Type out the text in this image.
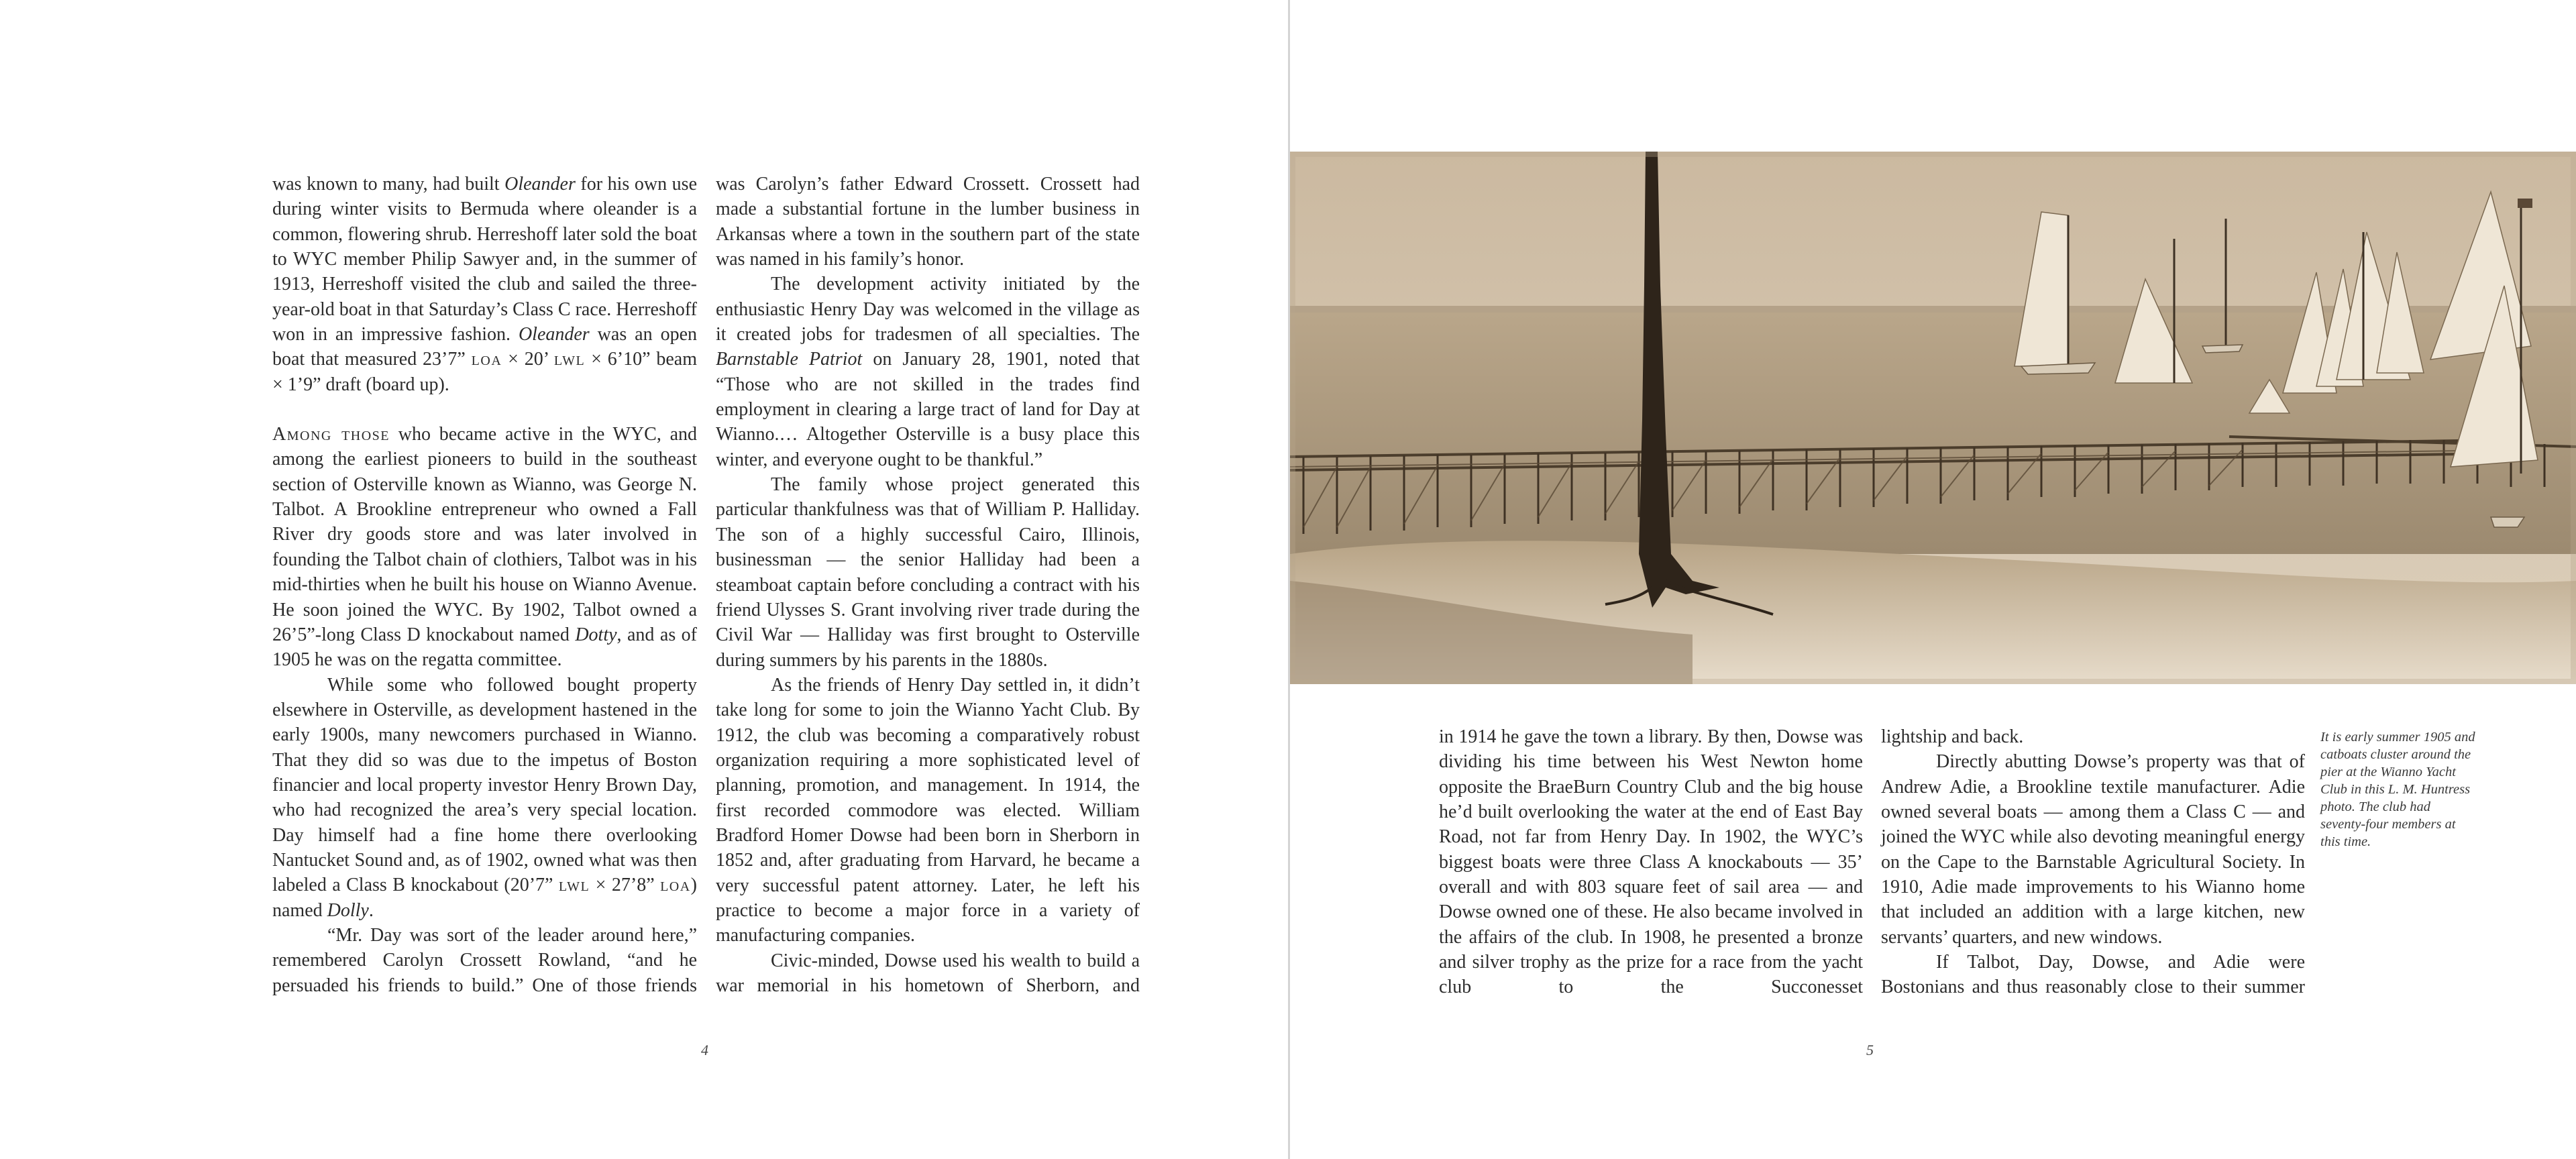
was known to many, had built Oleander for his own use during winter visits to Bermuda where oleander is a common, flowering shrub. Herreshoff later sold the boat to WYC member Philip Sawyer and, in the summer of 1913, Herreshoff visited the club and sailed the three-year-old boat in that Saturday’s Class C race. Herreshoff won in an impressive fashion. Oleander was an open boat that measured 23’7” loa × 20’ lwl × 6’10” beam × 1’9” draft (board up).

Among those who became active in the WYC, and among the earliest pioneers to build in the southeast section of Osterville known as Wianno, was George N. Talbot. A Brookline entrepreneur who owned a Fall River dry goods store and was later involved in founding the Talbot chain of clothiers, Talbot was in his mid-thirties when he built his house on Wianno Avenue. He soon joined the WYC. By 1902, Talbot owned a 26’5”-long Class D knockabout named Dotty, and as of 1905 he was on the regatta committee.

While some who followed bought property elsewhere in Osterville, as development hastened in the early 1900s, many newcomers purchased in Wianno. That they did so was due to the impetus of Boston financier and local property investor Henry Brown Day, who had recognized the area’s very special location. Day himself had a fine home there overlooking Nantucket Sound and, as of 1902, owned what was then labeled a Class B knockabout (20’7” lwl × 27’8” loa) named Dolly.

“Mr. Day was sort of the leader around here,” remembered Carolyn Crossett Rowland, “and he persuaded his friends to build.” One of those friends

was Carolyn’s father Edward Crossett. Crossett had made a substantial fortune in the lumber business in Arkansas where a town in the southern part of the state was named in his family’s honor.

The development activity initiated by the enthusiastic Henry Day was welcomed in the village as it created jobs for tradesmen of all specialties. The Barnstable Patriot on January 28, 1901, noted that “Those who are not skilled in the trades find employment in clearing a large tract of land for Day at Wianno.… Altogether Osterville is a busy place this winter, and everyone ought to be thankful.”

The family whose project generated this particular thankfulness was that of William P. Halliday. The son of a highly successful Cairo, Illinois, businessman — the senior Halliday had been a steamboat captain before concluding a contract with his friend Ulysses S. Grant involving river trade during the Civil War — Halliday was first brought to Osterville during summers by his parents in the 1880s.

As the friends of Henry Day settled in, it didn’t take long for some to join the Wianno Yacht Club. By 1912, the club was becoming a comparatively robust organization requiring a more sophisticated level of planning, promotion, and management. In 1914, the first recorded commodore was elected. William Bradford Homer Dowse had been born in Sherborn in 1852 and, after graduating from Harvard, he became a very successful patent attorney. Later, he left his practice to become a major force in a variety of manufacturing companies.

Civic-minded, Dowse used his wealth to build a war memorial in his hometown of Sherborn, and

4

in 1914 he gave the town a library. By then, Dowse was dividing his time between his West Newton home opposite the BraeBurn Country Club and the big house he’d built overlooking the water at the end of East Bay Road, not far from Henry Day. In 1902, the WYC’s biggest boats were three Class A knockabouts — 35’ overall and with 803 square feet of sail area — and Dowse owned one of these. He also became involved in the affairs of the club. In 1908, he presented a bronze and silver trophy as the prize for a race from the yacht club to the Succonesset

lightship and back.

Directly abutting Dowse’s property was that of Andrew Adie, a Brookline textile manufacturer. Adie owned several boats — among them a Class C — and joined the WYC while also devoting meaningful energy on the Cape to the Barnstable Agricultural Society. In 1910, Adie made improvements to his Wianno home that included an addition with a large kitchen, new servants’ quarters, and new windows.

If Talbot, Day, Dowse, and Adie were Bostonians and thus reasonably close to their summer

It is early summer 1905 and catboats cluster around the pier at the Wianno Yacht Club in this L. M. Huntress photo. The club had seventy-four members at this time.
5
